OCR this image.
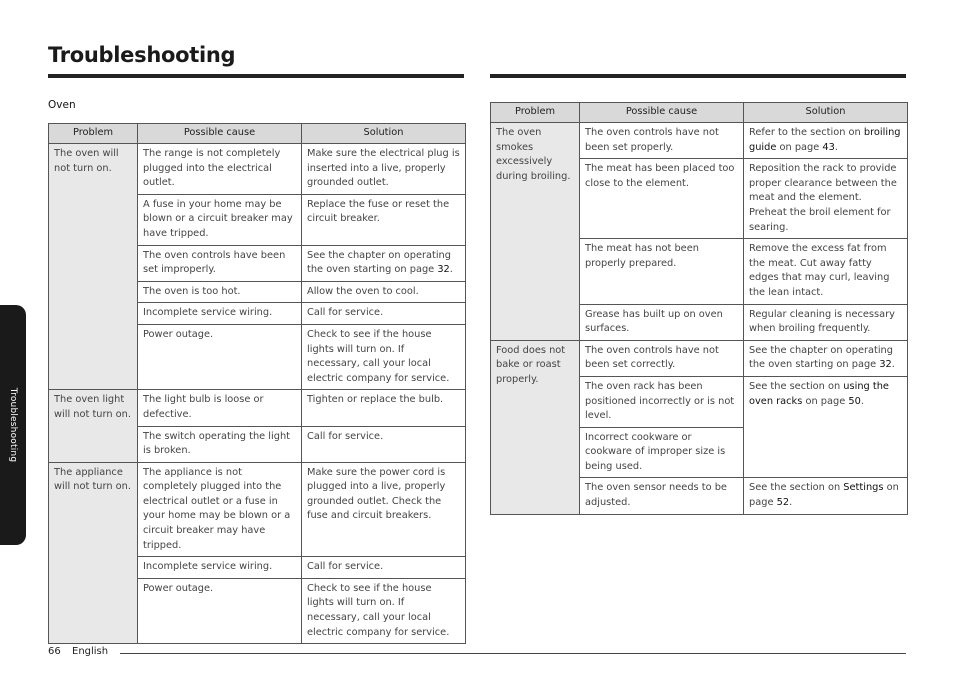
Troubleshooting
Oven
Troubleshooting
Problem	Possible cause	Solution
The oven will not turn on.	The range is not completely plugged into the electrical outlet.	Make sure the electrical plug is inserted into a live, properly grounded outlet.
	A fuse in your home may be blown or a circuit breaker may have tripped.	Replace the fuse or reset the circuit breaker.
	The oven controls have been set improperly.	See the chapter on operating the oven starting on page 32.
	The oven is too hot.	Allow the oven to cool.
	Incomplete service wiring.	Call for service.
	Power outage.	Check to see if the house lights will turn on. If necessary, call your local electric company for service.
The oven light will not turn on.	The light bulb is loose or defective.	Tighten or replace the bulb.
	The switch operating the light is broken.	Call for service.
The appliance will not turn on.	The appliance is not completely plugged into the electrical outlet or a fuse in your home may be blown or a circuit breaker may have tripped.	Make sure the power cord is plugged into a live, properly grounded outlet. Check the fuse and circuit breakers.
	Incomplete service wiring.	Call for service.
	Power outage.	Check to see if the house lights will turn on. If necessary, call your local electric company for service.
Problem	Possible cause	Solution
The oven smokes excessively during broiling.	The oven controls have not been set properly.	Refer to the section on broiling guide on page 43.
	The meat has been placed too close to the element.	Reposition the rack to provide proper clearance between the meat and the element. Preheat the broil element for searing.
	The meat has not been properly prepared.	Remove the excess fat from the meat. Cut away fatty edges that may curl, leaving the lean intact.
	Grease has built up on oven surfaces.	Regular cleaning is necessary when broiling frequently.
Food does not bake or roast properly.	The oven controls have not been set correctly.	See the chapter on operating the oven starting on page 32.
	The oven rack has been positioned incorrectly or is not level.	See the section on using the oven racks on page 50.
	Incorrect cookware or cookware of improper size is being used.	
	The oven sensor needs to be adjusted.	See the section on Settings on page 52.
66 English
